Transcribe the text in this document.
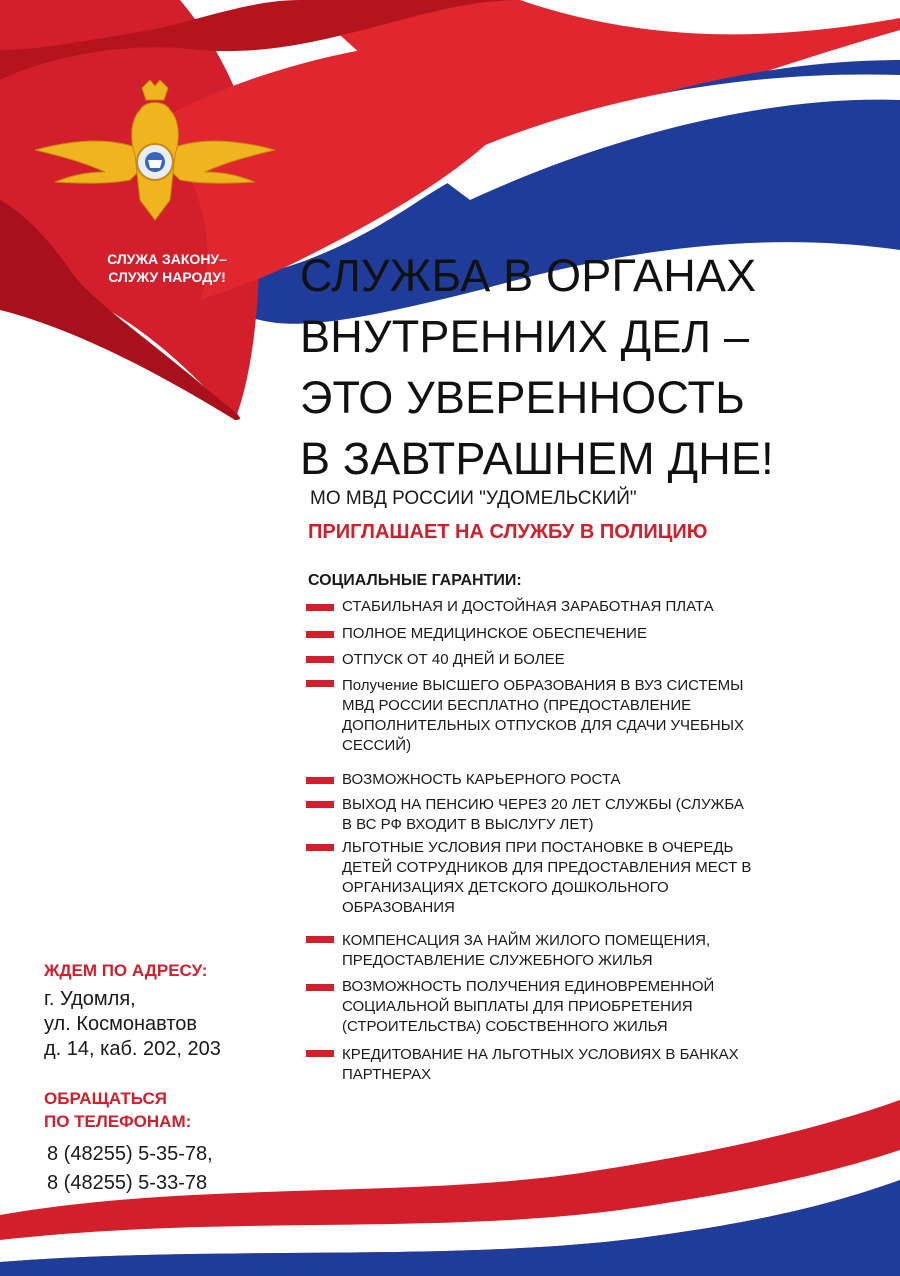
СЛУЖА ЗАКОНУ–
СЛУЖУ НАРОДУ!	СЛУЖБА В ОРГАНАХ
ВНУТРЕННИХ ДЕЛ –
ЭТО УВЕРЕННОСТЬ
В ЗАВТРАШНЕМ ДНЕ!
МО МВД РОССИИ "УДОМЕЛЬСКИЙ"
ПРИГЛАШАЕТ НА СЛУЖБУ В ПОЛИЦИЮ
СОЦИАЛЬНЫЕ ГАРАНТИИ:
СТАБИЛЬНАЯ И ДОСТОЙНАЯ ЗАРАБОТНАЯ ПЛАТА
ПОЛНОЕ МЕДИЦИНСКОЕ ОБЕСПЕЧЕНИЕ
ОТПУСК ОТ 40 ДНЕЙ И БОЛЕЕ
Получение ВЫСШЕГО ОБРАЗОВАНИЯ В ВУЗ СИСТЕМЫ
МВД РОССИИ БЕСПЛАТНО (ПРЕДОСТАВЛЕНИЕ
ДОПОЛНИТЕЛЬНЫХ ОТПУСКОВ ДЛЯ СДАЧИ УЧЕБНЫХ
СЕССИЙ)
ВОЗМОЖНОСТЬ КАРЬЕРНОГО РОСТА
ВЫХОД НА ПЕНСИЮ ЧЕРЕЗ 20 ЛЕТ СЛУЖБЫ (СЛУЖБА
В ВС РФ ВХОДИТ В ВЫСЛУГУ ЛЕТ)
ЛЬГОТНЫЕ УСЛОВИЯ ПРИ ПОСТАНОВКЕ В ОЧЕРЕДЬ
ДЕТЕЙ СОТРУДНИКОВ ДЛЯ ПРЕДОСТАВЛЕНИЯ МЕСТ В
ОРГАНИЗАЦИЯХ ДЕТСКОГО ДОШКОЛЬНОГО
ОБРАЗОВАНИЯ
КОМПЕНСАЦИЯ ЗА НАЙМ ЖИЛОГО ПОМЕЩЕНИЯ,
ПРЕДОСТАВЛЕНИЕ СЛУЖЕБНОГО ЖИЛЬЯ
ВОЗМОЖНОСТЬ ПОЛУЧЕНИЯ ЕДИНОВРЕМЕННОЙ
СОЦИАЛЬНОЙ ВЫПЛАТЫ ДЛЯ ПРИОБРЕТЕНИЯ
(СТРОИТЕЛЬСТВА) СОБСТВЕННОГО ЖИЛЬЯ
КРЕДИТОВАНИЕ НА ЛЬГОТНЫХ УСЛОВИЯХ В БАНКАХ
ПАРТНЕРАХ
ЖДЕМ ПО АДРЕСУ:
г. Удомля,
ул. Космонавтов
д. 14, каб. 202, 203
ОБРАЩАТЬСЯ
ПО ТЕЛЕФОНАМ:
8 (48255) 5-35-78,
8 (48255) 5-33-78
